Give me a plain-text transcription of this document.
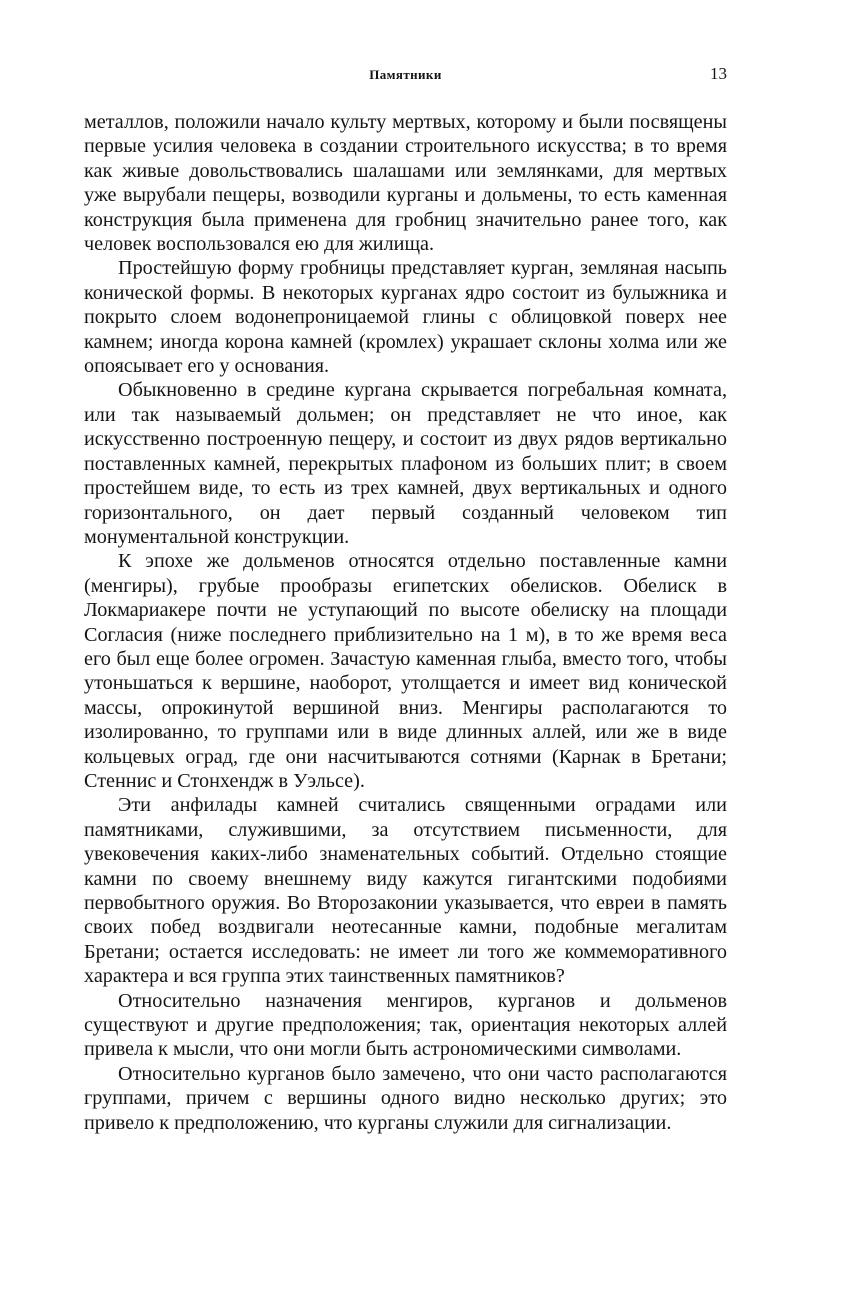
Памятники	13

металлов, положили начало культу мертвых, которому и были посвящены первые усилия человека в создании строительного искусства; в то время как живые довольствовались шалашами или землянками, для мертвых уже вырубали пещеры, возводили курганы и дольмены, то есть каменная конструкция была применена для гробниц значительно ранее того, как человек воспользовался ею для жилища.

Простейшую форму гробницы представляет курган, земляная насыпь конической формы. В некоторых курганах ядро состоит из булыжника и покрыто слоем водонепроницаемой глины с облицовкой поверх нее камнем; иногда корона камней (кромлех) украшает склоны холма или же опоясывает его у основания.

Обыкновенно в средине кургана скрывается погребальная комната, или так называемый дольмен; он представляет не что иное, как искусственно построенную пещеру, и состоит из двух рядов вертикально поставленных камней, перекрытых плафоном из больших плит; в своем простейшем виде, то есть из трех камней, двух вертикальных и одного горизонтального, он дает первый созданный человеком тип монументальной конструкции.

К эпохе же дольменов относятся отдельно поставленные камни (менгиры), грубые прообразы египетских обелисков. Обелиск в Локмариакере почти не уступающий по высоте обелиску на площади Согласия (ниже последнего приблизительно на 1 м), в то же время веса его был еще более огромен. Зачастую каменная глыба, вместо того, чтобы утоньшаться к вершине, наоборот, утолщается и имеет вид конической массы, опрокинутой вершиной вниз. Менгиры располагаются то изолированно, то группами или в виде длинных аллей, или же в виде кольцевых оград, где они насчитываются сотнями (Карнак в Бретани; Стеннис и Стонхендж в Уэльсе).

Эти анфилады камней считались священными оградами или памятниками, служившими, за отсутствием письменности, для увековечения каких-либо знаменательных событий. Отдельно стоящие камни по своему внешнему виду кажутся гигантскими подобиями первобытного оружия. Во Второзаконии указывается, что евреи в память своих побед воздвигали неотесанные камни, подобные мегалитам Бретани; остается исследовать: не имеет ли того же коммеморативного характера и вся группа этих таинственных памятников?

Относительно назначения менгиров, курганов и дольменов существуют и другие предположения; так, ориентация некоторых аллей привела к мысли, что они могли быть астрономическими символами.

Относительно курганов было замечено, что они часто располагаются группами, причем с вершины одного видно несколько других; это привело к предположению, что курганы служили для сигнализации.
